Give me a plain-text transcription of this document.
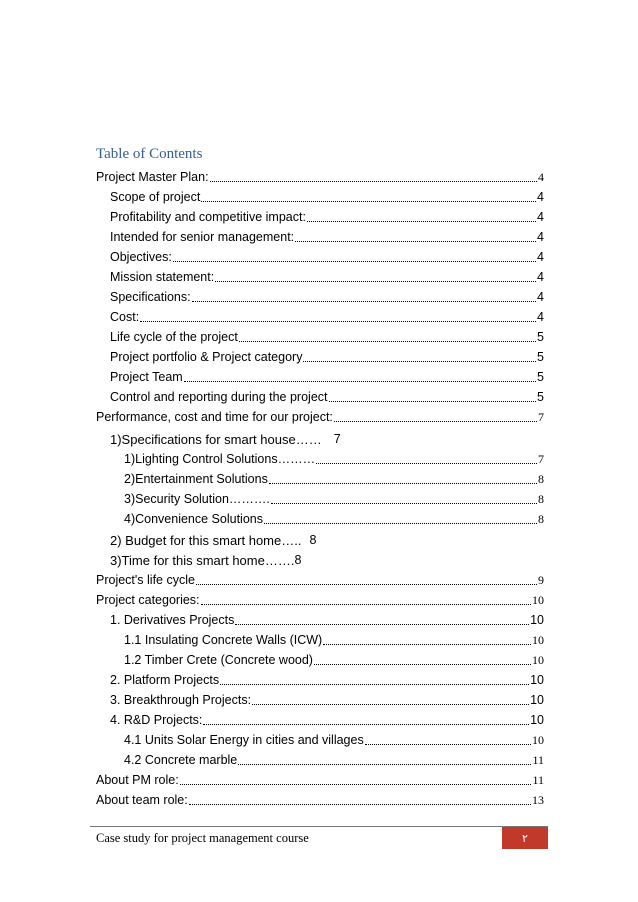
Table of Contents
Project Master Plan:	4
Scope of project	4
Profitability and competitive impact:	4
Intended for senior management:	4
Objectives:	4
Mission statement:	4
Specifications:	4
Cost:	4
Life cycle of the project	5
Project portfolio & Project category	5
Project Team	5
Control and reporting during the project	5
Performance, cost and time for our project:	7
1)Specifications for smart house…… 7
1)Lighting Control Solutions………	7
2)Entertainment Solutions	8
3)Security Solution……….	8
4)Convenience Solutions	8
2) Budget for this smart home….. 8
3)Time for this smart home……. 8
Project's life cycle	9
Project categories:	10
1. Derivatives Projects	10
1.1 Insulating Concrete Walls (ICW)	10
1.2 Timber Crete (Concrete wood)	10
2. Platform Projects	10
3. Breakthrough Projects:	10
4. R&D Projects:	10
4.1 Units Solar Energy in cities and villages	10
4.2 Concrete marble	11
About PM role:	11
About team role:	13
Case study for project management course	٢
